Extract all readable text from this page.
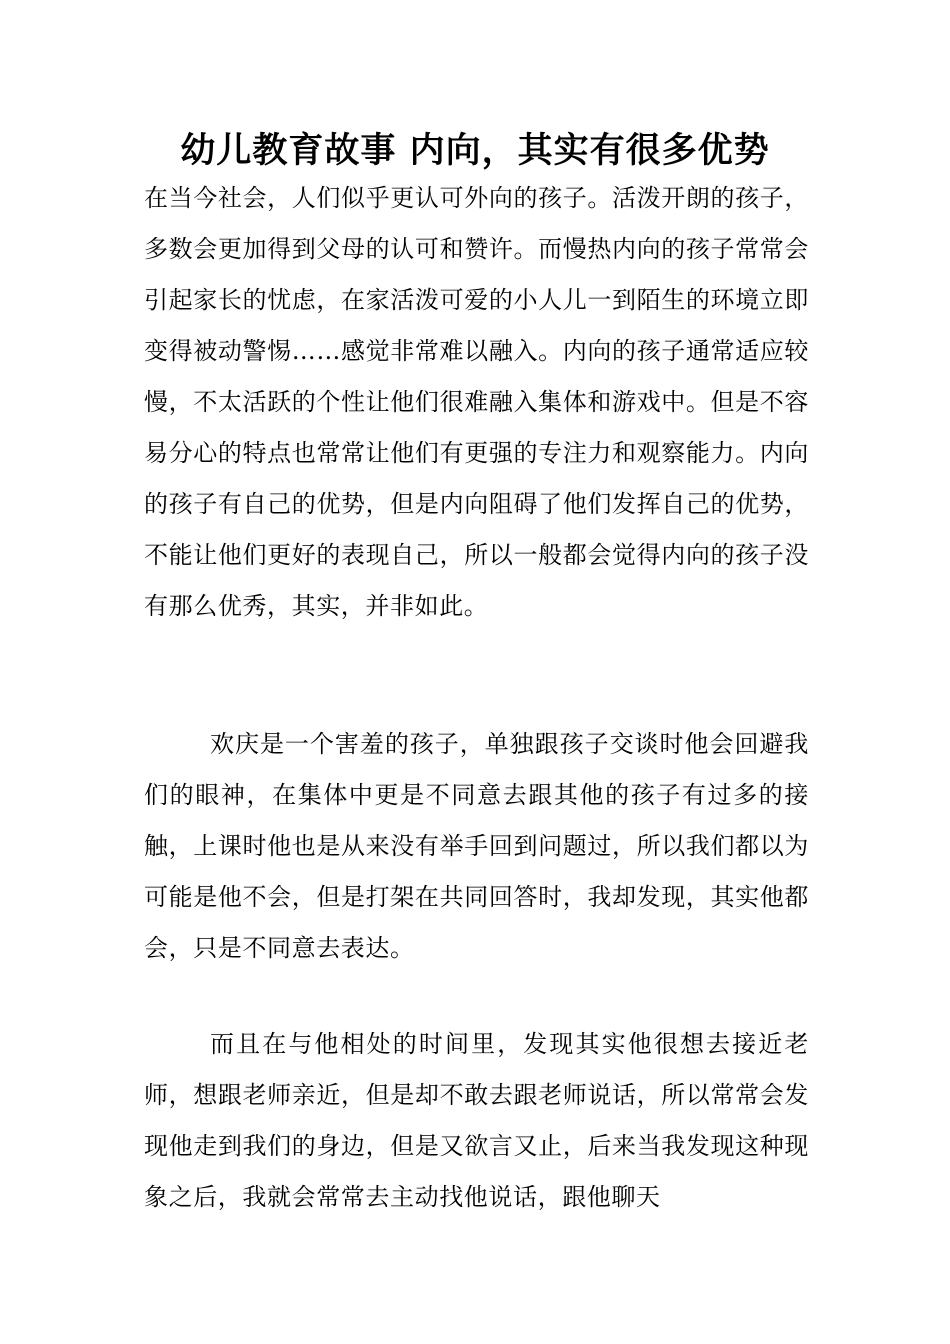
幼儿教育故事 内向，其实有很多优势

在当今社会，人们似乎更认可外向的孩子。活泼开朗的孩子，多数会更加得到父母的认可和赞许。而慢热内向的孩子常常会引起家长的忧虑，在家活泼可爱的小人儿一到陌生的环境立即变得被动警惕……感觉非常难以融入。内向的孩子通常适应较慢，不太活跃的个性让他们很难融入集体和游戏中。但是不容易分心的特点也常常让他们有更强的专注力和观察能力。内向的孩子有自己的优势，但是内向阻碍了他们发挥自己的优势，不能让他们更好的表现自己，所以一般都会觉得内向的孩子没有那么优秀，其实，并非如此。

欢庆是一个害羞的孩子，单独跟孩子交谈时他会回避我们的眼神，在集体中更是不同意去跟其他的孩子有过多的接触，上课时他也是从来没有举手回到问题过，所以我们都以为可能是他不会，但是打架在共同回答时，我却发现，其实他都会，只是不同意去表达。

而且在与他相处的时间里，发现其实他很想去接近老师，想跟老师亲近，但是却不敢去跟老师说话，所以常常会发现他走到我们的身边，但是又欲言又止，后来当我发现这种现象之后，我就会常常去主动找他说话，跟他聊天
